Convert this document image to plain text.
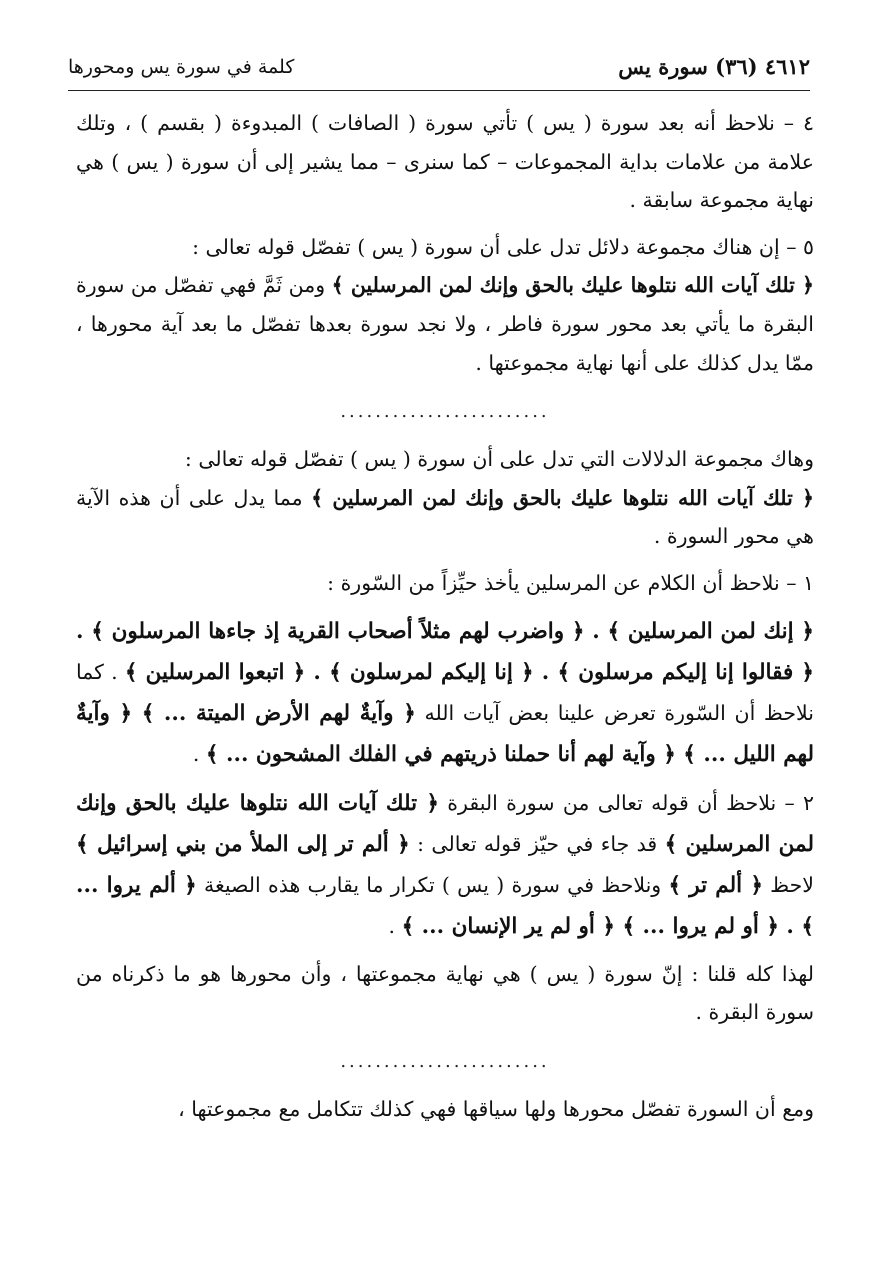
٤٦١٢ (٣٦) سورة يس
كلمة في سورة يس ومحورها

٤ – نلاحظ أنه بعد سورة ( يس ) تأتي سورة ( الصافات ) المبدوءة ( بقسم ) ، وتلك علامة من علامات بداية المجموعات – كما سنرى – مما يشير إلى أن سورة ( يس ) هي نهاية مجموعة سابقة .

٥ – إن هناك مجموعة دلائل تدل على أن سورة ( يس ) تفصّل قوله تعالى :
﴿ تلك آيات الله نتلوها عليك بالحق وإنك لمن المرسلين ﴾ ومن ثَمَّ فهي تفصّل من سورة البقرة ما يأتي بعد محور سورة فاطر ، ولا نجد سورة بعدها تفصّل ما بعد آية محورها ، ممّا يدل كذلك على أنها نهاية مجموعتها .

........................

وهاك مجموعة الدلالات التي تدل على أن سورة ( يس ) تفصّل قوله تعالى :
﴿ تلك آيات الله نتلوها عليك بالحق وإنك لمن المرسلين ﴾ مما يدل على أن هذه الآية هي محور السورة .

١ – نلاحظ أن الكلام عن المرسلين يأخذ حيِّزاً من السّورة :

﴿ إنك لمن المرسلين ﴾ . ﴿ واضرب لهم مثلاً أصحاب القرية إذ جاءها المرسلون ﴾ . ﴿ فقالوا إنا إليكم مرسلون ﴾ . ﴿ إنا إليكم لمرسلون ﴾ . ﴿ اتبعوا المرسلين ﴾ . كما نلاحظ أن السّورة تعرض علينا بعض آيات الله ﴿ وآيةٌ لهم الأرض الميتة ... ﴾ ﴿ وآيةٌ لهم الليل ... ﴾ ﴿ وآية لهم أنا حملنا ذريتهم في الفلك المشحون ... ﴾ .

٢ – نلاحظ أن قوله تعالى من سورة البقرة ﴿ تلك آيات الله نتلوها عليك بالحق وإنك لمن المرسلين ﴾ قد جاء في حيّز قوله تعالى : ﴿ ألم تر إلى الملأ من بني إسرائيل ﴾ لاحظ ﴿ ألم تر ﴾ ونلاحظ في سورة ( يس ) تكرار ما يقارب هذه الصيغة ﴿ ألم يروا ... ﴾ . ﴿ أو لم يروا ... ﴾ ﴿ أو لم ير الإنسان ... ﴾ .

لهذا كله قلنا : إنّ سورة ( يس ) هي نهاية مجموعتها ، وأن محورها هو ما ذكرناه من سورة البقرة .

........................

ومع أن السورة تفصّل محورها ولها سياقها فهي كذلك تتكامل مع مجموعتها ،
